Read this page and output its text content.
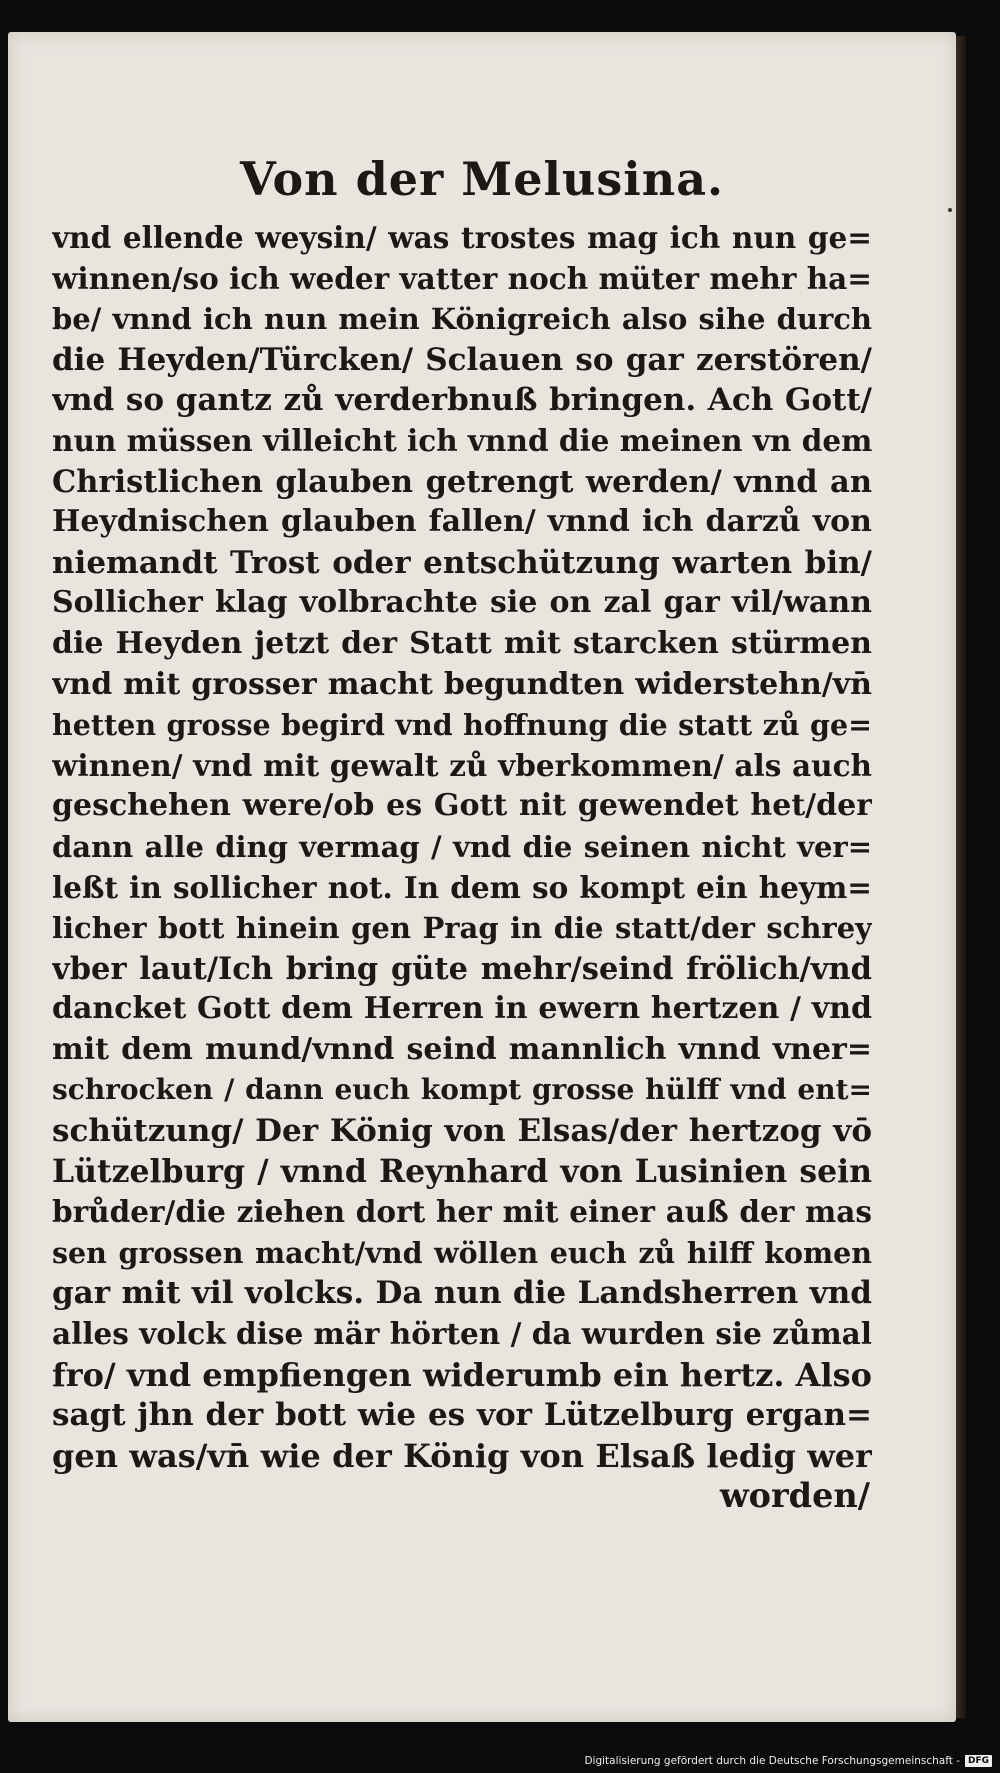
Von der Melusina.
vnd ellende weysin/ was trostes mag ich nun ge=
winnen/so ich weder vatter noch müter mehr ha=
be/ vnnd ich nun mein Königreich also sihe durch
die Heyden/Türcken/ Sclauen so gar zerstören/
vnd so gantz zů verderbnuß bringen. Ach Gott/
nun müssen villeicht ich vnnd die meinen vn dem
Christlichen glauben getrengt werden/ vnnd an
Heydnischen glauben fallen/ vnnd ich darzů von
niemandt Trost oder entschützung warten bin/
Sollicher klag volbrachte sie on zal gar vil/wann
die Heyden jetzt der Statt mit starcken stürmen
vnd mit grosser macht begundten widerstehn/vn̄
hetten grosse begird vnd hoffnung die statt zů ge=
winnen/ vnd mit gewalt zů vberkommen/ als auch
geschehen were/ob es Gott nit gewendet het/der
dann alle ding vermag / vnd die seinen nicht ver=
leßt in sollicher not. In dem so kompt ein heym=
licher bott hinein gen Prag in die statt/der schrey
vber laut/Ich bring güte mehr/seind frölich/vnd
dancket Gott dem Herren in ewern hertzen / vnd
mit dem mund/vnnd seind mannlich vnnd vner=
schrocken / dann euch kompt grosse hülff vnd ent=
schützung/ Der König von Elsas/der hertzog vō
Lützelburg / vnnd Reynhard von Lusinien sein
brůder/die ziehen dort her mit einer auß der mas
sen grossen macht/vnd wöllen euch zů hilff komen
gar mit vil volcks. Da nun die Landsherren vnd
alles volck dise mär hörten / da wurden sie zůmal
fro/ vnd empfiengen widerumb ein hertz. Also
sagt jhn der bott wie es vor Lützelburg ergan=
gen was/vn̄ wie der König von Elsaß ledig wer
worden/
Digitalisierung gefördert durch die Deutsche Forschungsgemeinschaft - DFG
